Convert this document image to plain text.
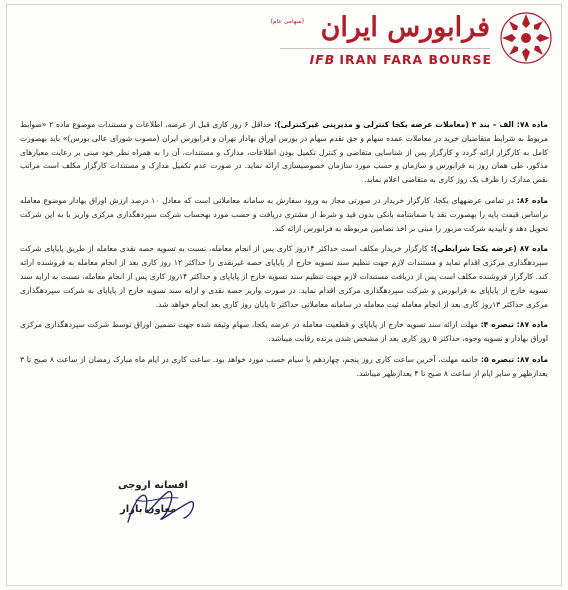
فرابورس ایران
(سهامی عام)
IFB IRAN FARA BOURSE

ماده ۷۸: الف – بند ۳ (معاملات عرضه یکجا کنترلی و مدیریتی غیرکنترلی): حداقل ۶ روز کاری قبل از عرضه، اطلاعات و مستندات موضوع ماده ۲ «ضوابط مربوط به شرایط متقاضیان خرید در معاملات عمده سهام و حق تقدم سهام در بورس اوراق بهادار تهران و فرابورس ایران (مصوب شورای عالی بورس)» باید بهصورت کامل به کارگزار ارائه گردد و کارگزار پس از شناسایی متقاضی و کنترل تکمیل بودن اطلاعات، مدارک و مستندات، آن را به همراه نظر خود مبنی بر رعایت معیارهای مذکور، طی همان روز به فرابورس و سازمان و حسب مورد سازمان خصوصیسازی ارائه نماید. در صورت عدم تکمیل مدارک و مستندات کارگزار مکلف است مراتب نقص مدارک را ظرف یک روز کاری به متقاضی اعلام نماید.

ماده ۸۶: در تمامی عرضههای یکجا، کارگزار خریدار در صورتی مجاز به ورود سفارش به سامانه معاملاتی است که معادل ۱۰ درصد ارزش اوراق بهادار موضوع معامله براساس قیمت پایه را بهصورت نقد یا ضمانتنامه بانکی بدون قید و شرط از مشتری دریافت و حسب مورد بهحساب شرکت سپردهگذاری مرکزی واریز یا به این شرکت تحویل دهد و تأییدیه شرکت مزبور را مبنی بر اخذ تضامین مربوطه به فرابورس ارائه کند.

ماده ۸۷ (عرضه یکجا شرایطی): کارگزار خریدار مکلف است حداکثر ۱۴روز کاری پس از انجام معامله، نسبت به تسویه حصه نقدی معامله از طریق پایاپای شرکت سپردهگذاری مرکزی اقدام نماید و مستندات لازم جهت تنظیم سند تسویه خارج از پایاپای حصه غیرنقدی را حداکثر ۱۲ روز کاری بعد از انجام معامله به فروشنده ارائه کند. کارگزار فروشنده مکلف است پس از دریافت مستندات لازم جهت تنظیم سند تسویه خارج از پایاپای و حداکثر ۱۴روز کاری پس از انجام معامله، نسبت به ارایه سند تسویه خارج از پایاپای به فرابورس و شرکت سپردهگذاری مرکزی اقدام نماید. در صورت واریز حصه نقدی و ارایه سند تسویه خارج از پایاپای به شرکت سپردهگذاری مرکزی حداکثر ۱۳روز کاری بعد از انجام معامله ثبت معامله در سامانه معاملاتی حداکثر تا پایان روز کاری بعد انجام خواهد شد.

ماده ۸۷: تبصره ۴: مهلت ارائه سند تسویه خارج از پایاپای و قطعیت معامله در عرضه یکجا، سهام وثیقه شده جهت تضمین اوراق توسط شرکت سپردهگذاری مرکزی اوراق بهادار و تسویه وجوه، حداکثر ۵ روز کاری بعد از مشخص شدن برنده رقابت میباشد.

ماده ۸۷: تبصره ۵: خاتمه مهلت، آخرین ساعت کاری روز پنجم، چهاردهم یا سیام حسب مورد خواهد بود. ساعت کاری در ایام ماه مبارک رمضان از ساعت ۸ صبح تا ۳ بعدازظهر و سایر ایام از ساعت ۸ صبح تا ۴ بعدازظهر میباشد.

افسانه اروجی
معاون بازار
